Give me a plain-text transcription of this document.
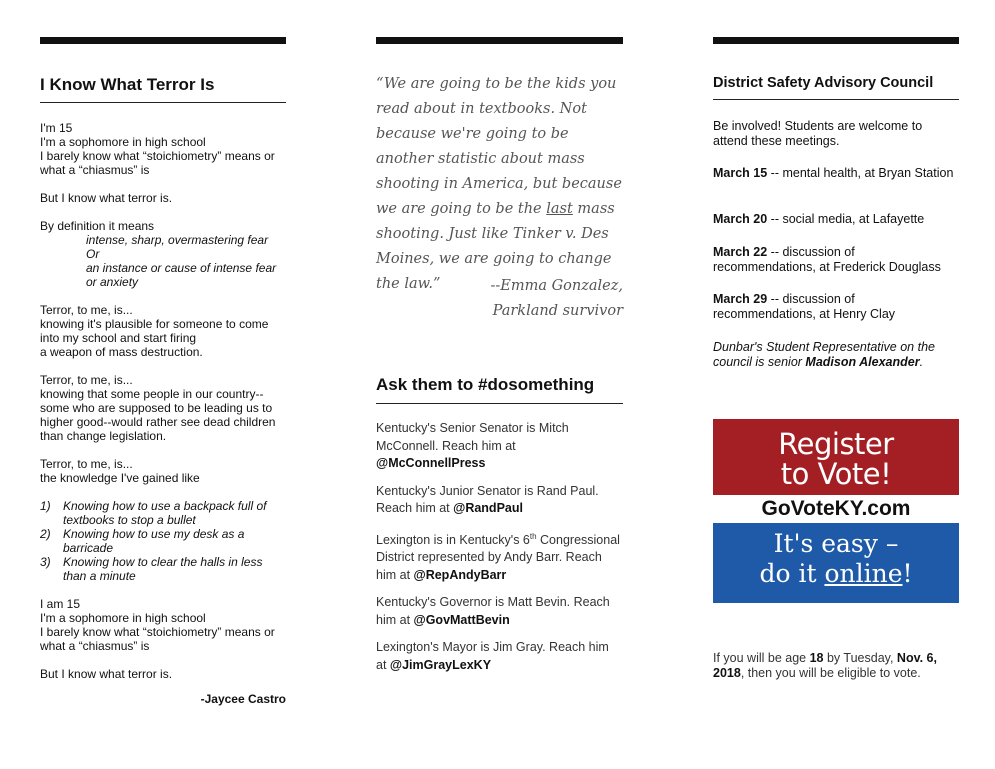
I Know What Terror Is
I'm 15
I'm a sophomore in high school
I barely know what “stoichiometry” means or
what a “chiasmus” is
But I know what terror is.
By definition it means
intense, sharp, overmastering fear
Or
an instance or cause of intense fear
or anxiety
Terror, to me, is...
knowing it's plausible for someone to come
into my school and start firing
a weapon of mass destruction.
Terror, to me, is...
knowing that some people in our country--
some who are supposed to be leading us to
higher good--would rather see dead children
than change legislation.
Terror, to me, is...
the knowledge I've gained like
1) Knowing how to use a backpack full of
textbooks to stop a bullet
2) Knowing how to use my desk as a
barricade
3) Knowing how to clear the halls in less
than a minute
I am 15
I'm a sophomore in high school
I barely know what “stoichiometry” means or
what a “chiasmus” is
But I know what terror is.
-Jaycee Castro
“We are going to be the kids you read about in textbooks. Not because we're going to be another statistic about mass shooting in America, but because we are going to be the last mass shooting. Just like Tinker v. Des Moines, we are going to change the law.”	--Emma Gonzalez,
Parkland survivor
Ask them to #dosomething
Kentucky's Senior Senator is Mitch McConnell. Reach him at @McConnellPress
Kentucky's Junior Senator is Rand Paul. Reach him at @RandPaul
Lexington is in Kentucky's 6th Congressional District represented by Andy Barr. Reach him at @RepAndyBarr
Kentucky's Governor is Matt Bevin. Reach him at @GovMattBevin
Lexington's Mayor is Jim Gray. Reach him at @JimGrayLexKY
District Safety Advisory Council
Be involved! Students are welcome to attend these meetings.
March 15 -- mental health, at Bryan Station
March 20 -- social media, at Lafayette
March 22 -- discussion of recommendations, at Frederick Douglass
March 29 -- discussion of recommendations, at Henry Clay
Dunbar's Student Representative on the council is senior Madison Alexander.
Register
to Vote!
GoVoteKY.com
It's easy –
do it online!
If you will be age 18 by Tuesday, Nov. 6, 2018, then you will be eligible to vote.
